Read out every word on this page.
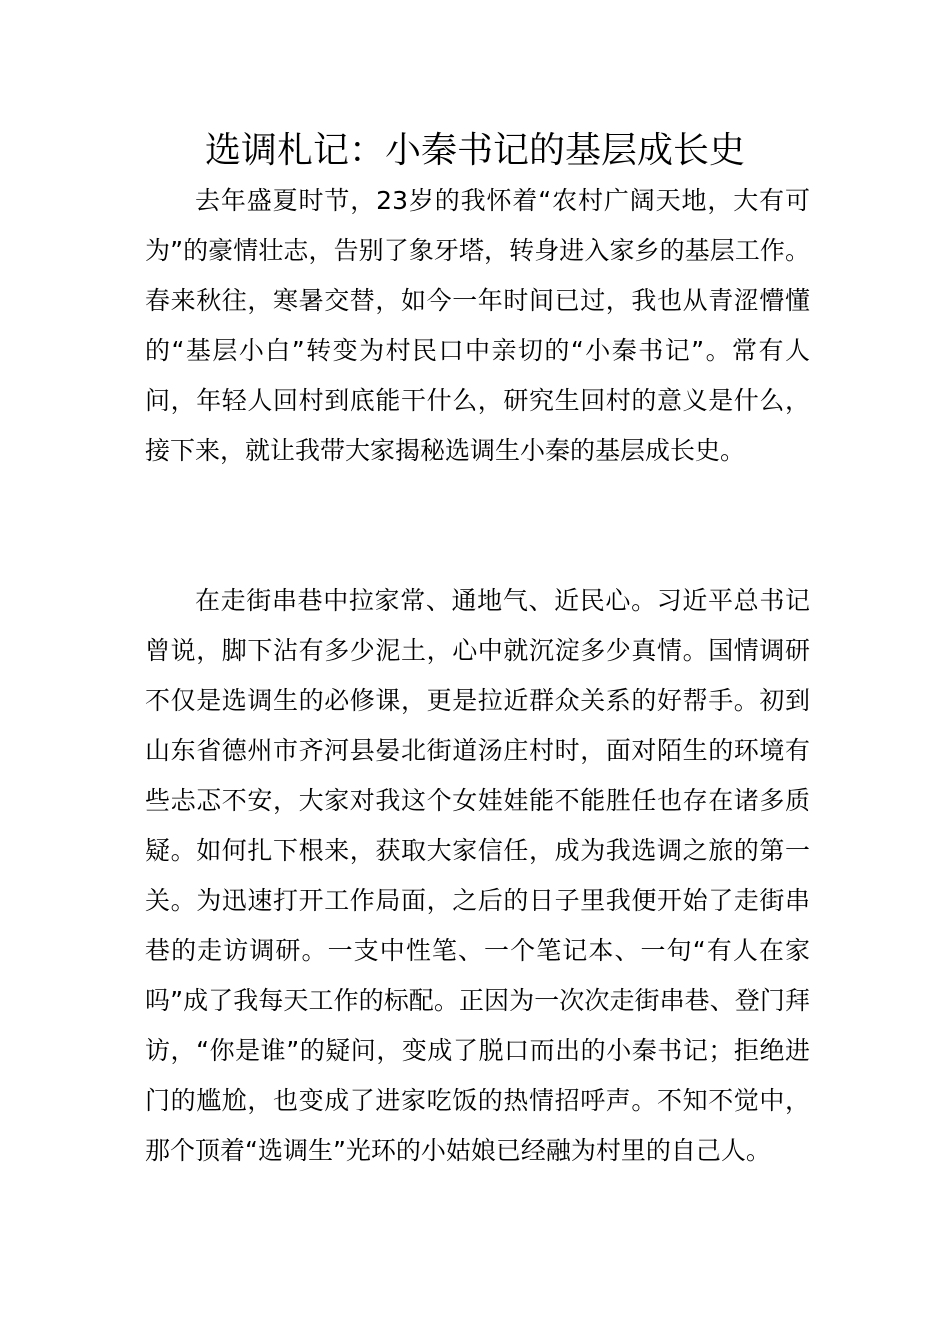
选调札记：小秦书记的基层成长史

去年盛夏时节，23岁的我怀着“农村广阔天地，大有可为”的豪情壮志，告别了象牙塔，转身进入家乡的基层工作。春来秋往，寒暑交替，如今一年时间已过，我也从青涩懵懂的“基层小白”转变为村民口中亲切的“小秦书记”。常有人问，年轻人回村到底能干什么，研究生回村的意义是什么，接下来，就让我带大家揭秘选调生小秦的基层成长史。

在走街串巷中拉家常、通地气、近民心。习近平总书记曾说，脚下沾有多少泥土，心中就沉淀多少真情。国情调研不仅是选调生的必修课，更是拉近群众关系的好帮手。初到山东省德州市齐河县晏北街道汤庄村时，面对陌生的环境有些忐忑不安，大家对我这个女娃娃能不能胜任也存在诸多质疑。如何扎下根来，获取大家信任，成为我选调之旅的第一关。为迅速打开工作局面，之后的日子里我便开始了走街串巷的走访调研。一支中性笔、一个笔记本、一句“有人在家吗”成了我每天工作的标配。正因为一次次走街串巷、登门拜访，“你是谁”的疑问，变成了脱口而出的小秦书记；拒绝进门的尴尬，也变成了进家吃饭的热情招呼声。不知不觉中，那个顶着“选调生”光环的小姑娘已经融为村里的自己人。
